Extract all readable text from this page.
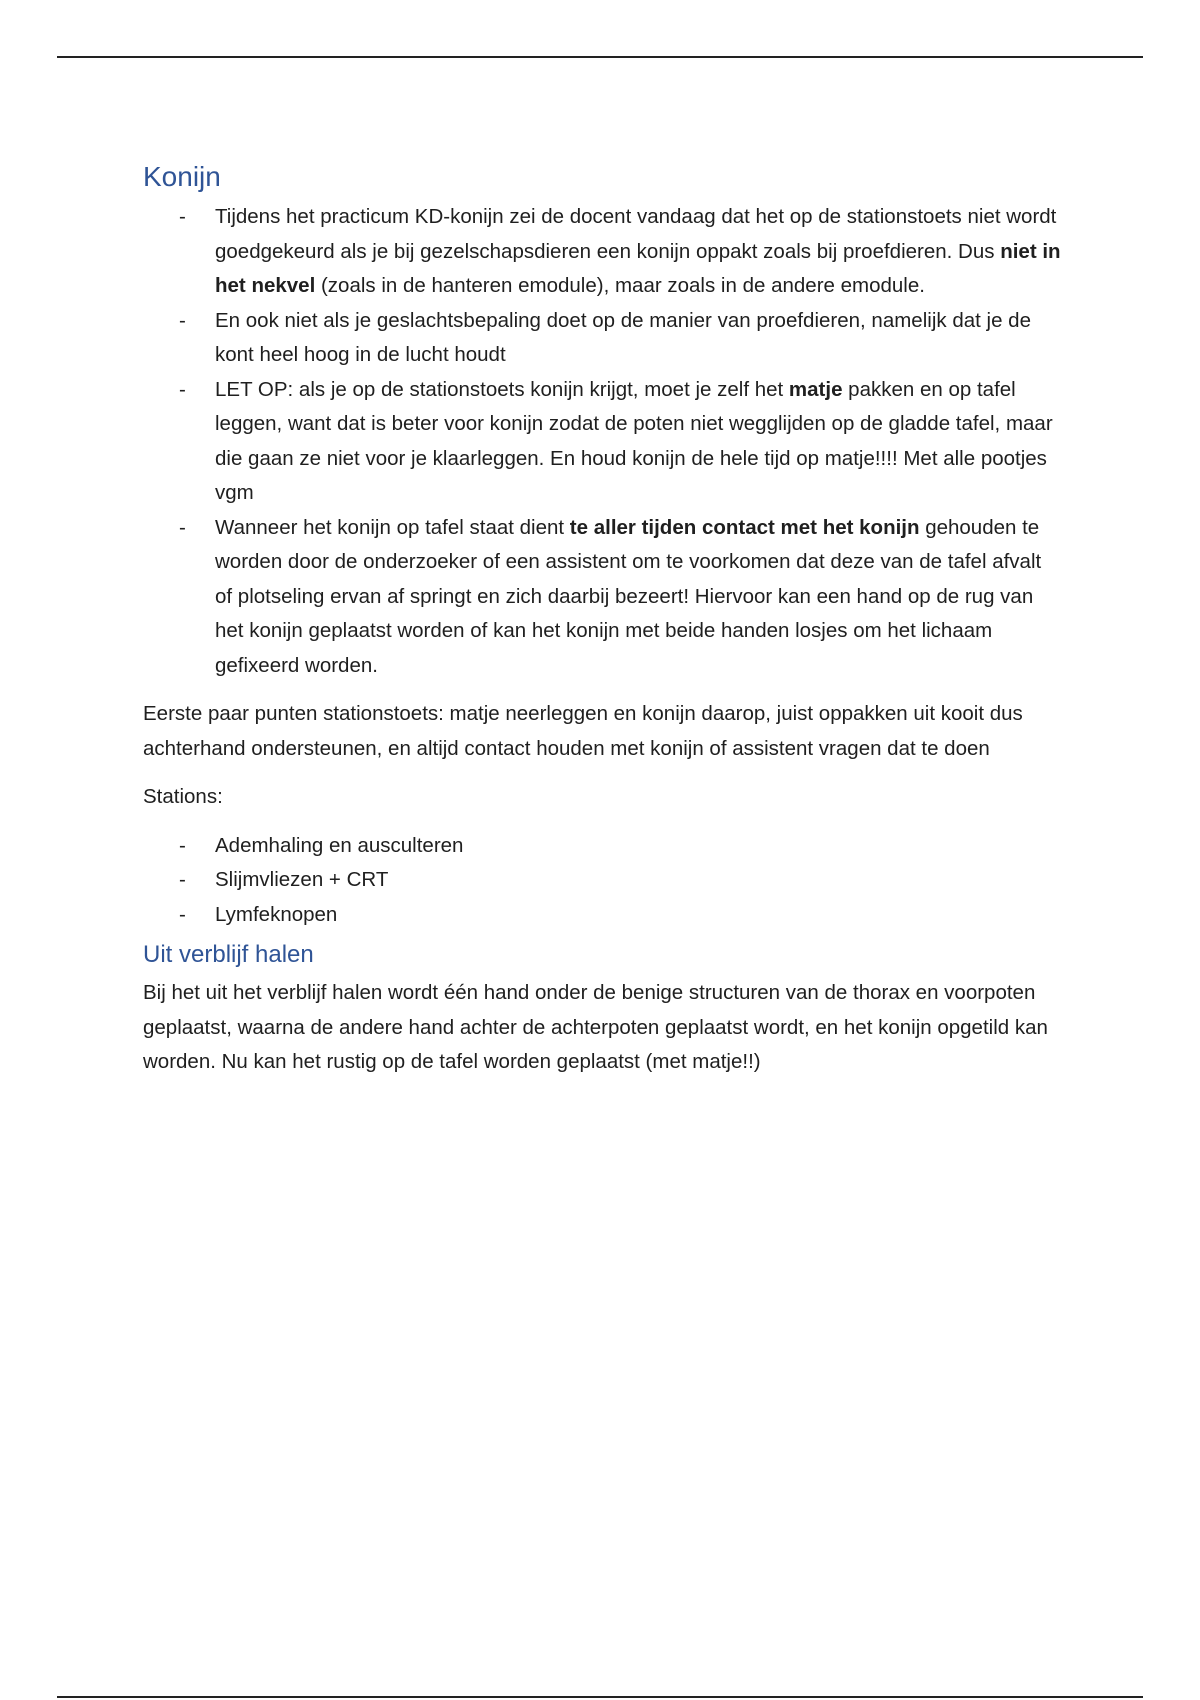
Konijn
- Tijdens het practicum KD-konijn zei de docent vandaag dat het op de stationstoets niet wordt goedgekeurd als je bij gezelschapsdieren een konijn oppakt zoals bij proefdieren. Dus niet in het nekvel (zoals in de hanteren emodule), maar zoals in de andere emodule.
- En ook niet als je geslachtsbepaling doet op de manier van proefdieren, namelijk dat je de kont heel hoog in de lucht houdt
- LET OP: als je op de stationstoets konijn krijgt, moet je zelf het matje pakken en op tafel leggen, want dat is beter voor konijn zodat de poten niet wegglijden op de gladde tafel, maar die gaan ze niet voor je klaarleggen. En houd konijn de hele tijd op matje!!!! Met alle pootjes vgm
- Wanneer het konijn op tafel staat dient te aller tijden contact met het konijn gehouden te worden door de onderzoeker of een assistent om te voorkomen dat deze van de tafel afvalt of plotseling ervan af springt en zich daarbij bezeert! Hiervoor kan een hand op de rug van het konijn geplaatst worden of kan het konijn met beide handen losjes om het lichaam gefixeerd worden.

Eerste paar punten stationstoets: matje neerleggen en konijn daarop, juist oppakken uit kooit dus achterhand ondersteunen, en altijd contact houden met konijn of assistent vragen dat te doen

Stations:

- Ademhaling en ausculteren
- Slijmvliezen + CRT
- Lymfeknopen
Uit verblijf halen

Bij het uit het verblijf halen wordt één hand onder de benige structuren van de thorax en voorpoten geplaatst, waarna de andere hand achter de achterpoten geplaatst wordt, en het konijn opgetild kan worden. Nu kan het rustig op de tafel worden geplaatst (met matje!!)
